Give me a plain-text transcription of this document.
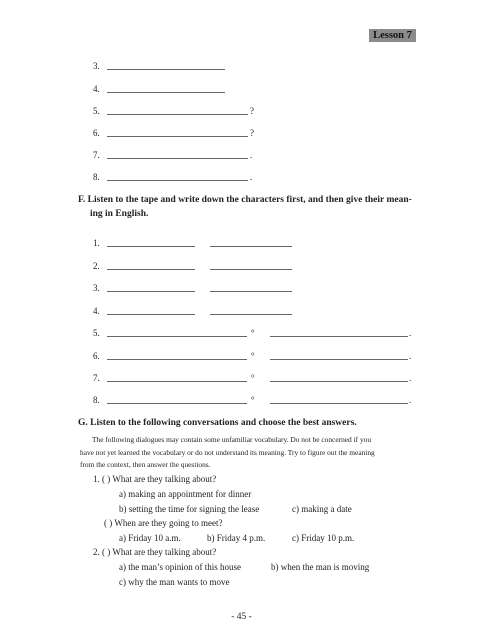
Lesson 7
3.
4.
5.	?
6.	?
7.	.
8.	.
F. Listen to the tape and write down the characters first, and then give their mean-
ing in English.
1.
2.
3.
4.
5.	°	.
6.	°	.
7.	°	.
8.	°	.
G. Listen to the following conversations and choose the best answers.
The following dialogues may contain some unfamiliar vocabulary. Do not be concerned if you
have not yet learned the vocabulary or do not understand its meaning. Try to figure out the meaning
from the context, then answer the questions.
1. ( ) What are they talking about?
a) making an appointment for dinner
b) setting the time for signing the lease	c) making a date
( ) When are they going to meet?
a) Friday 10 a.m.	b) Friday 4 p.m.	c) Friday 10 p.m.
2. ( ) What are they talking about?
a) the man’s opinion of this house	b) when the man is moving
c) why the man wants to move
- 45 -
